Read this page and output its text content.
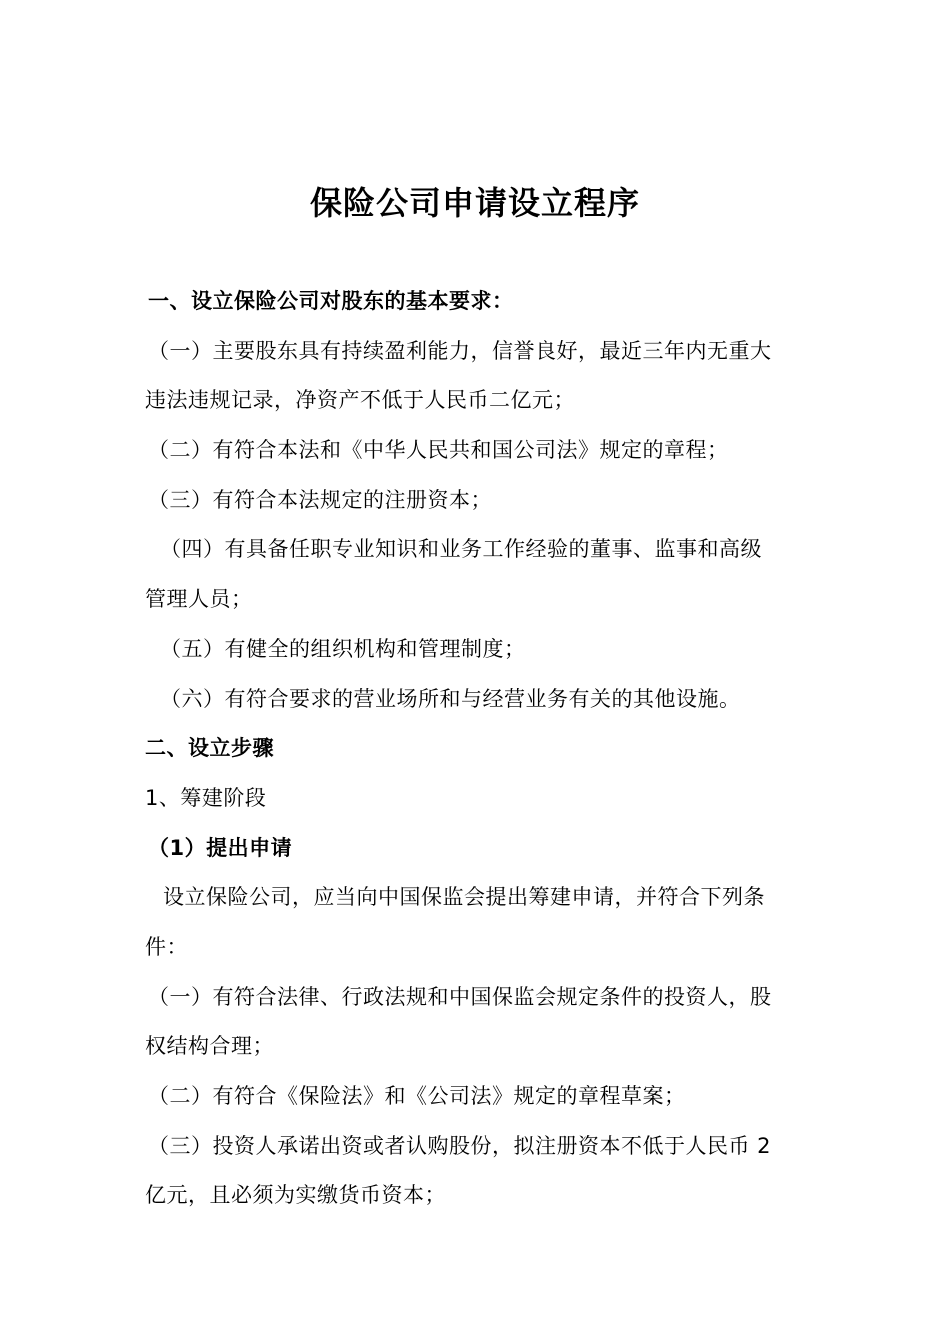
保险公司申请设立程序
一、设立保险公司对股东的基本要求：
（一）主要股东具有持续盈利能力，信誉良好，最近三年内无重大
违法违规记录，净资产不低于人民币二亿元；
（二）有符合本法和《中华人民共和国公司法》规定的章程；
（三）有符合本法规定的注册资本；
（四）有具备任职专业知识和业务工作经验的董事、监事和高级
管理人员；
（五）有健全的组织机构和管理制度；
（六）有符合要求的营业场所和与经营业务有关的其他设施。
二、设立步骤
1、筹建阶段
（1）提出申请
设立保险公司，应当向中国保监会提出筹建申请，并符合下列条
件：
（一）有符合法律、行政法规和中国保监会规定条件的投资人，股
权结构合理；
（二）有符合《保险法》和《公司法》规定的章程草案；
（三）投资人承诺出资或者认购股份，拟注册资本不低于人民币 2
亿元，且必须为实缴货币资本；
